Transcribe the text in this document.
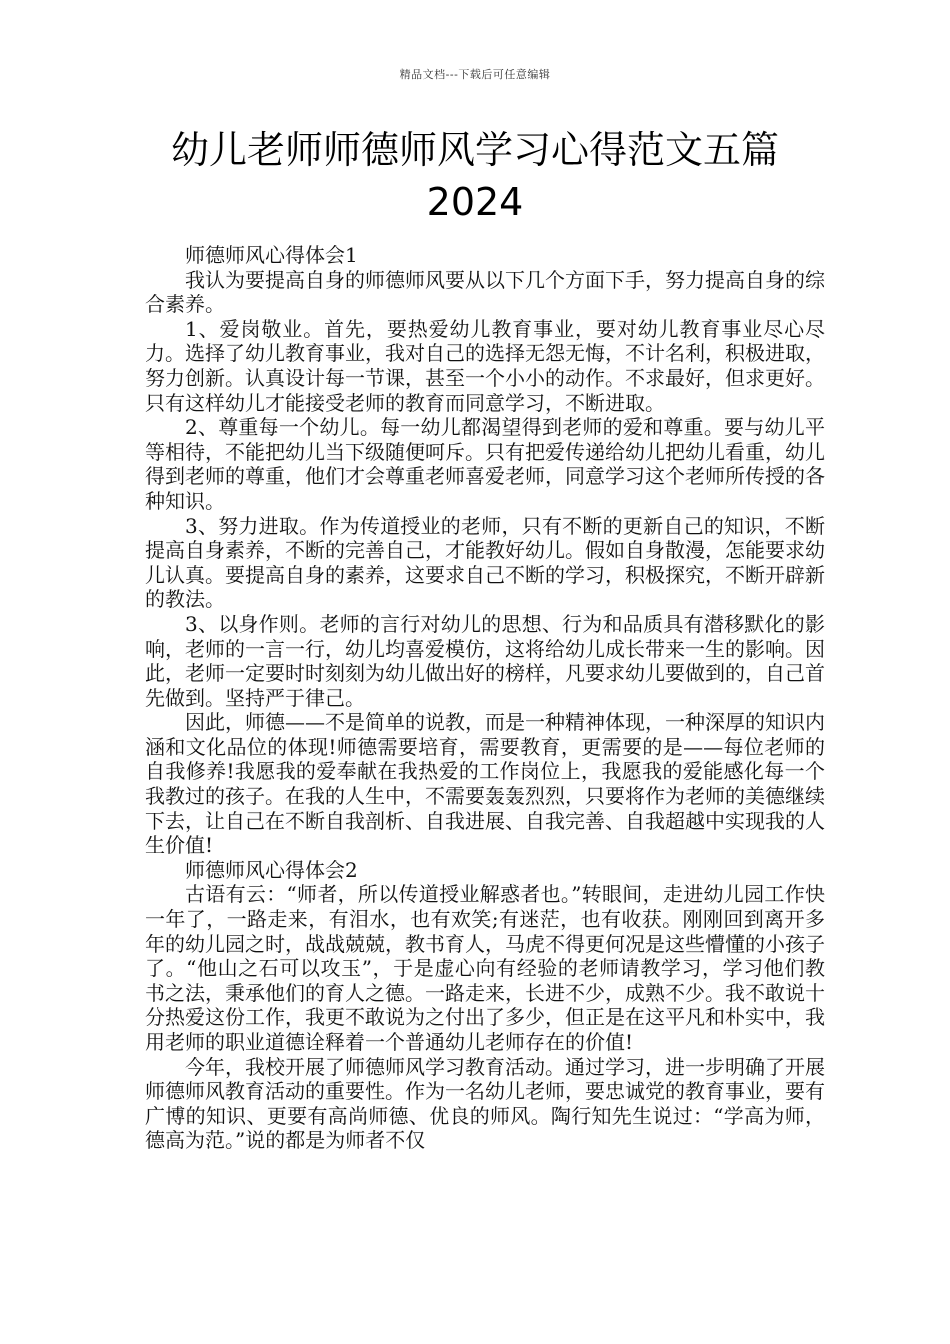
精品文档---下载后可任意编辑
幼儿老师师德师风学习心得范文五篇
2024

师德师风心得体会1

我认为要提高自身的师德师风要从以下几个方面下手，努力提高自身的综合素养。

1、爱岗敬业。首先，要热爱幼儿教育事业，要对幼儿教育事业尽心尽力。选择了幼儿教育事业，我对自己的选择无怨无悔，不计名利，积极进取，努力创新。认真设计每一节课，甚至一个小小的动作。不求最好，但求更好。只有这样幼儿才能接受老师的教育而同意学习，不断进取。

2、尊重每一个幼儿。每一幼儿都渴望得到老师的爱和尊重。要与幼儿平等相待，不能把幼儿当下级随便呵斥。只有把爱传递给幼儿把幼儿看重，幼儿得到老师的尊重，他们才会尊重老师喜爱老师，同意学习这个老师所传授的各种知识。

3、努力进取。作为传道授业的老师，只有不断的更新自己的知识，不断提高自身素养，不断的完善自己，才能教好幼儿。假如自身散漫，怎能要求幼儿认真。要提高自身的素养，这要求自己不断的学习，积极探究，不断开辟新的教法。

3、以身作则。老师的言行对幼儿的思想、行为和品质具有潜移默化的影响，老师的一言一行，幼儿均喜爱模仿，这将给幼儿成长带来一生的影响。因此，老师一定要时时刻刻为幼儿做出好的榜样，凡要求幼儿要做到的，自己首先做到。坚持严于律己。

因此，师德——不是简单的说教，而是一种精神体现，一种深厚的知识内涵和文化品位的体现!师德需要培育，需要教育，更需要的是——每位老师的自我修养!我愿我的爱奉献在我热爱的工作岗位上，我愿我的爱能感化每一个我教过的孩子。在我的人生中，不需要轰轰烈烈，只要将作为老师的美德继续下去，让自己在不断自我剖析、自我进展、自我完善、自我超越中实现我的人生价值!

师德师风心得体会2

古语有云：“师者，所以传道授业解惑者也。”转眼间，走进幼儿园工作快一年了，一路走来，有泪水，也有欢笑;有迷茫，也有收获。刚刚回到离开多年的幼儿园之时，战战兢兢，教书育人，马虎不得更何况是这些懵懂的小孩子了。“他山之石可以攻玉”，于是虚心向有经验的老师请教学习，学习他们教书之法，秉承他们的育人之德。一路走来，长进不少，成熟不少。我不敢说十分热爱这份工作，我更不敢说为之付出了多少，但正是在这平凡和朴实中，我用老师的职业道德诠释着一个普通幼儿老师存在的价值!

今年，我校开展了师德师风学习教育活动。通过学习，进一步明确了开展师德师风教育活动的重要性。作为一名幼儿老师，要忠诚党的教育事业，要有广博的知识、更要有高尚师德、优良的师风。陶行知先生说过：“学高为师，德高为范。”说的都是为师者不仅
